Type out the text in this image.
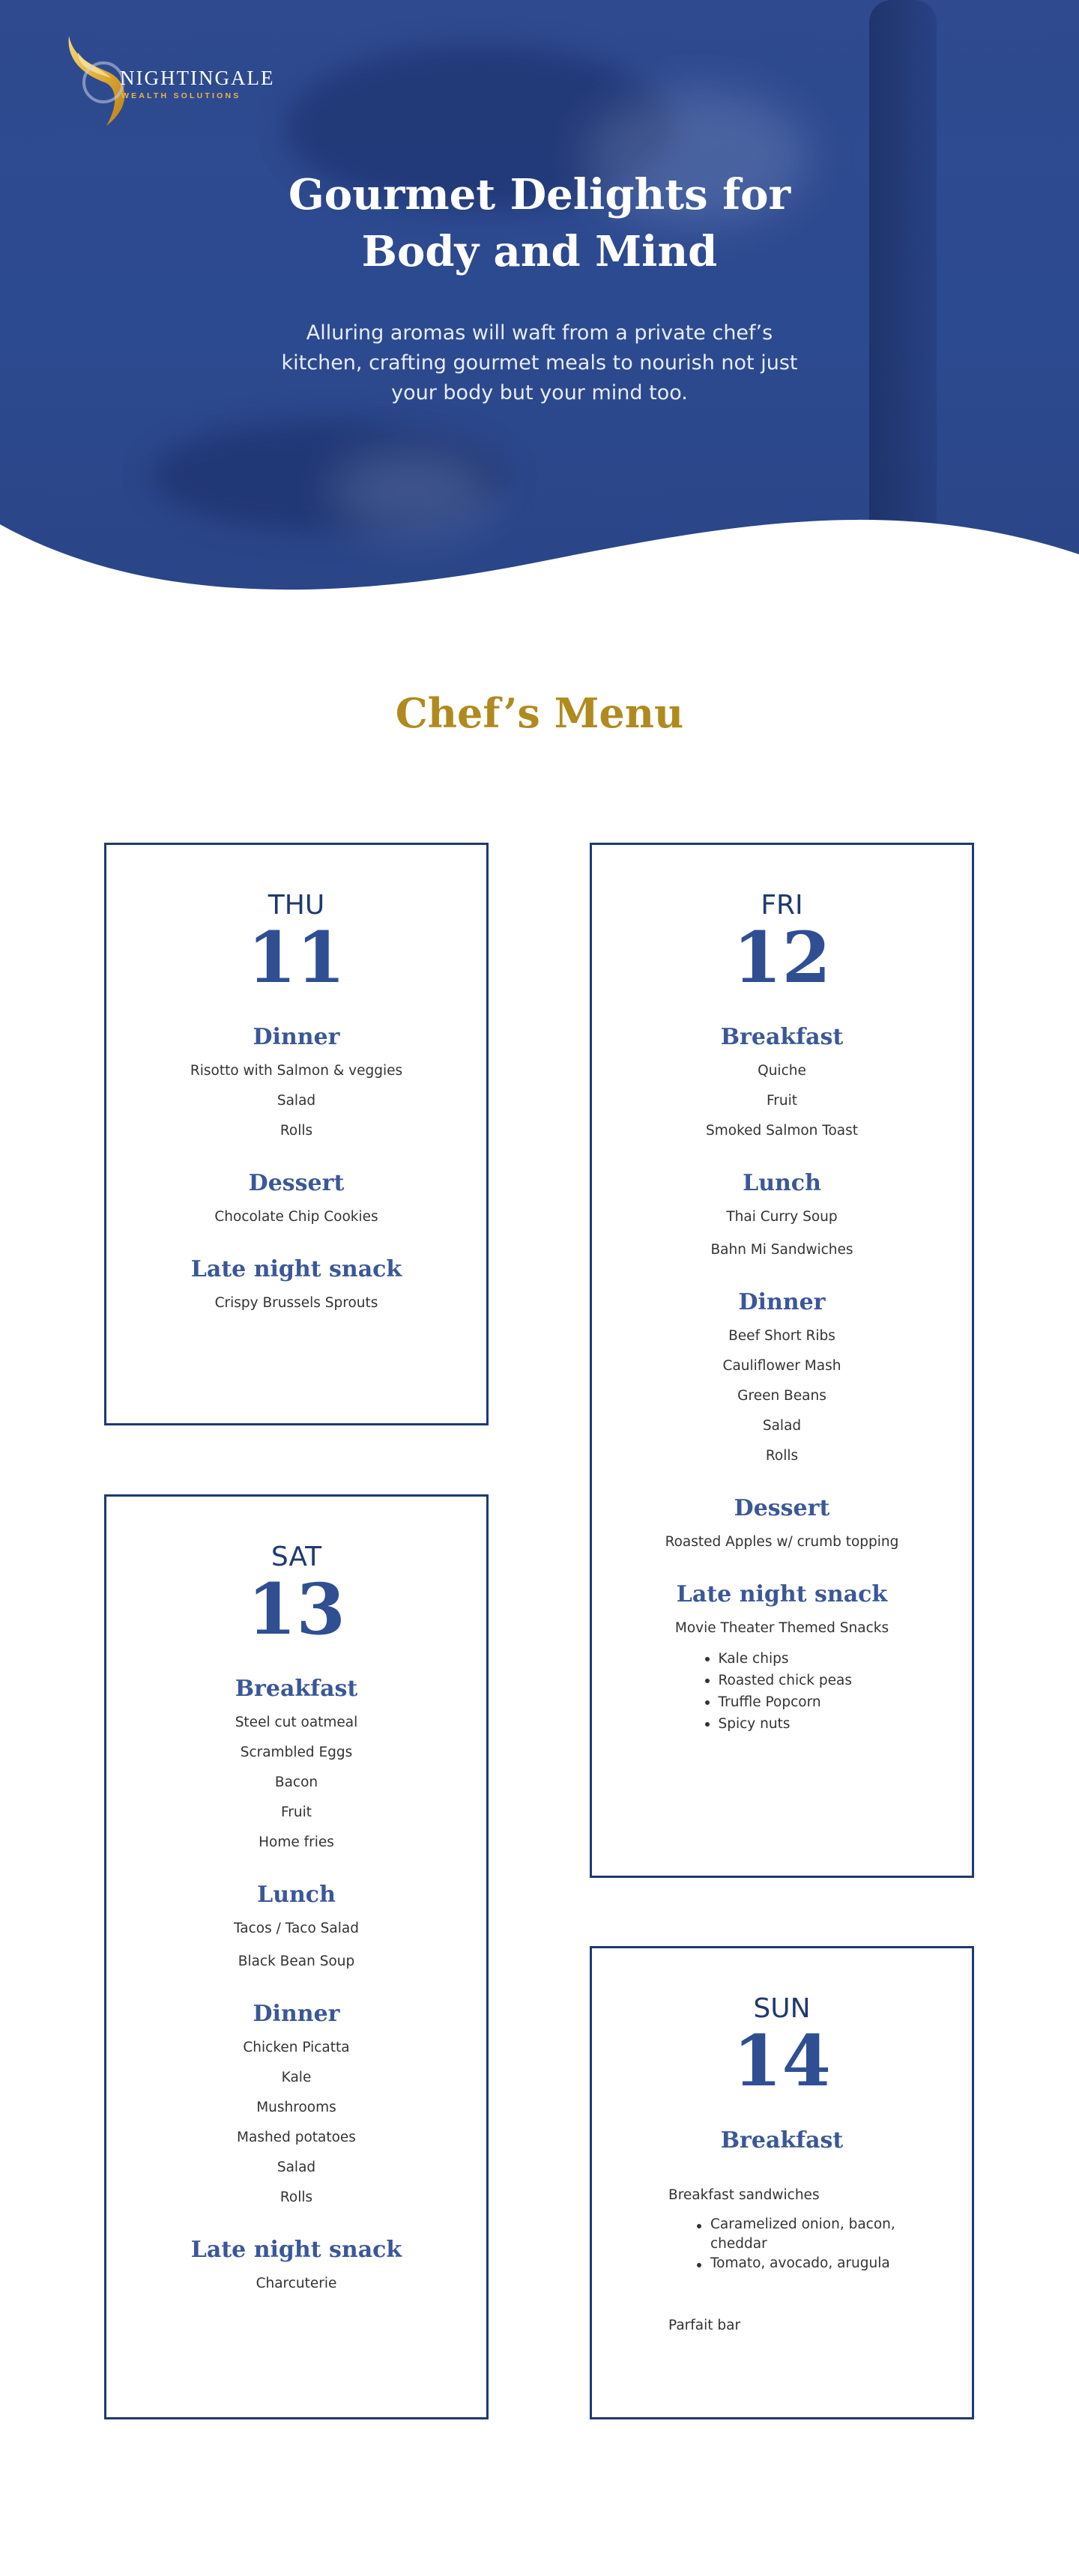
NIGHTINGALE
WEALTH SOLUTIONS
Gourmet Delights for
Body and Mind

Alluring aromas will waft from a private chef’s kitchen, crafting gourmet meals to nourish not just your body but your mind too.

Chef’s Menu
THU
11
Dinner
Risotto with Salmon & veggies
Salad
Rolls
Dessert
Chocolate Chip Cookies
Late night snack
Crispy Brussels Sprouts
FRI
12
Breakfast
Quiche
Fruit
Smoked Salmon Toast
Lunch
Thai Curry Soup
Bahn Mi Sandwiches
Dinner
Beef Short Ribs
Cauliflower Mash
Green Beans
Salad
Rolls
Dessert
Roasted Apples w/ crumb topping
Late night snack
Movie Theater Themed Snacks
Kale chips
Roasted chick peas
Truffle Popcorn
Spicy nuts
SAT
13
Breakfast
Steel cut oatmeal
Scrambled Eggs
Bacon
Fruit
Home fries
Lunch
Tacos / Taco Salad
Black Bean Soup
Dinner
Chicken Picatta
Kale
Mushrooms
Mashed potatoes
Salad
Rolls
Late night snack
Charcuterie
SUN
14
Breakfast
Breakfast sandwiches
Caramelized onion, bacon, cheddar
Tomato, avocado, arugula
Parfait bar
